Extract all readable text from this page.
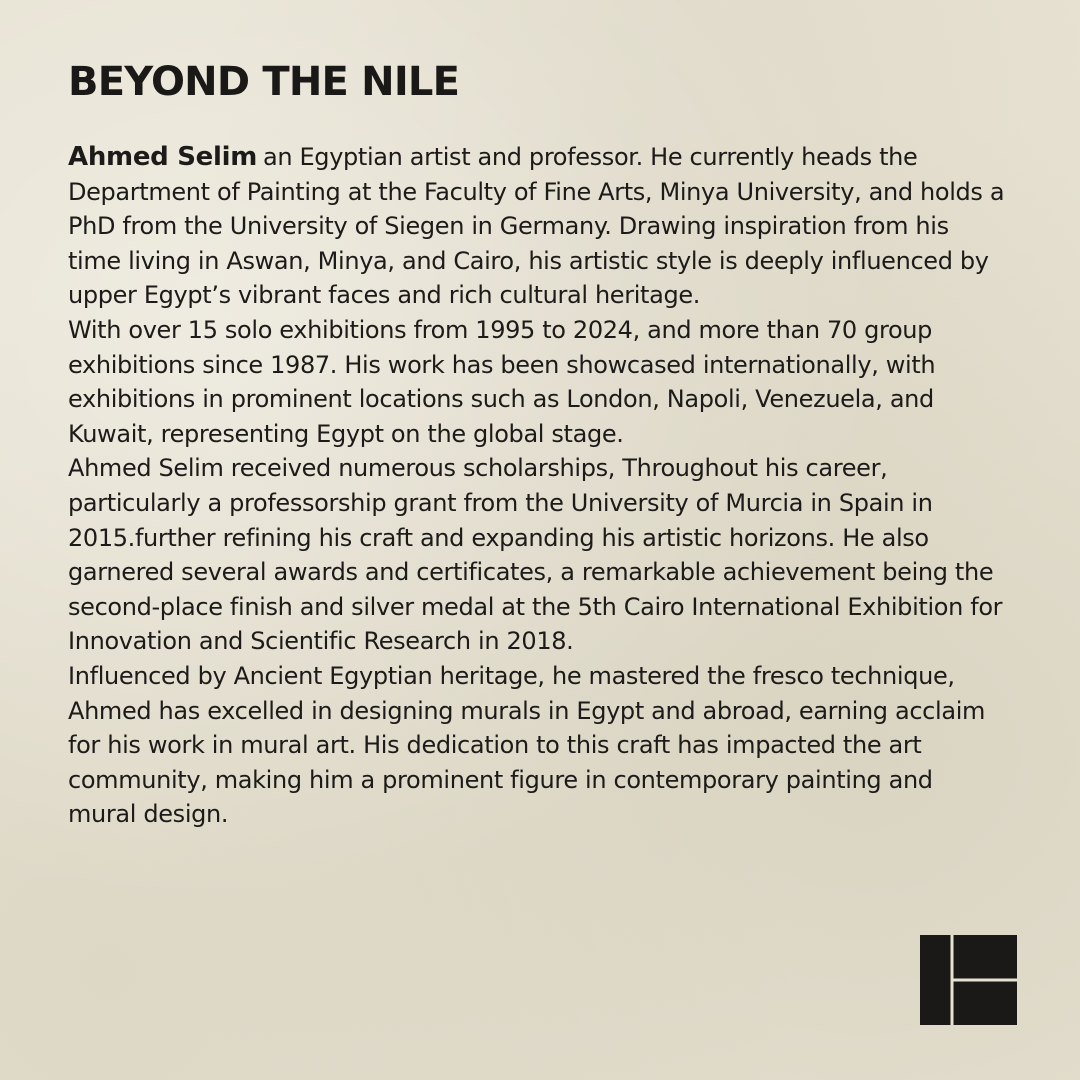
BEYOND THE NILE

Ahmed Selim an Egyptian artist and professor. He currently heads the Department of Painting at the Faculty of Fine Arts, Minya University, and holds a PhD from the University of Siegen in Germany. Drawing inspiration from his time living in Aswan, Minya, and Cairo, his artistic style is deeply influenced by upper Egypt’s vibrant faces and rich cultural heritage.

With over 15 solo exhibitions from 1995 to 2024, and more than 70 group exhibitions since 1987. His work has been showcased internationally, with exhibitions in prominent locations such as London, Napoli, Venezuela, and Kuwait, representing Egypt on the global stage.

Ahmed Selim received numerous scholarships, Throughout his career, particularly a professorship grant from the University of Murcia in Spain in 2015.further refining his craft and expanding his artistic horizons. He also garnered several awards and certificates, a remarkable achievement being the second-place finish and silver medal at the 5th Cairo International Exhibition for Innovation and Scientific Research in 2018.

Influenced by Ancient Egyptian heritage, he mastered the fresco technique, Ahmed has excelled in designing murals in Egypt and abroad, earning acclaim for his work in mural art. His dedication to this craft has impacted the art community, making him a prominent figure in contemporary painting and mural design.
